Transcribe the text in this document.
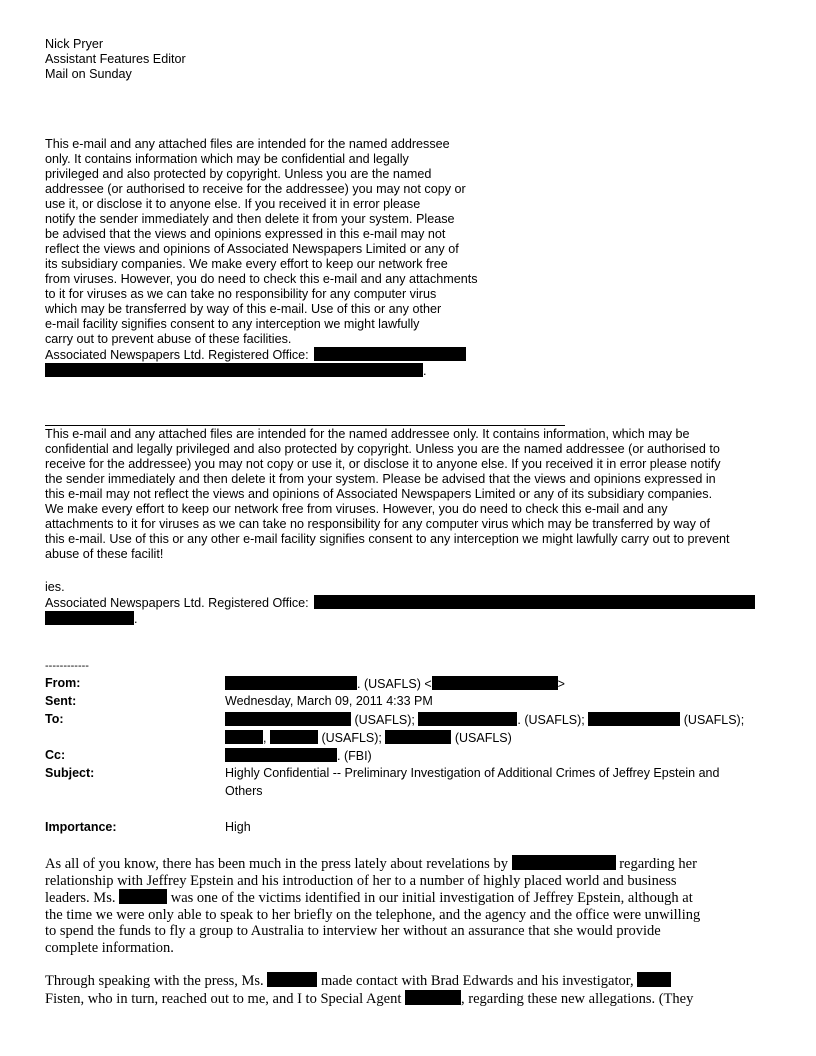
Nick Pryer
Assistant Features Editor
Mail on Sunday
This e-mail and any attached files are intended for the named addressee
only. It contains information which may be confidential and legally
privileged and also protected by copyright. Unless you are the named
addressee (or authorised to receive for the addressee) you may not copy or
use it, or disclose it to anyone else. If you received it in error please
notify the sender immediately and then delete it from your system. Please
be advised that the views and opinions expressed in this e-mail may not
reflect the views and opinions of Associated Newspapers Limited or any of
its subsidiary companies. We make every effort to keep our network free
from viruses. However, you do need to check this e-mail and any attachments
to it for viruses as we can take no responsibility for any computer virus
which may be transferred by way of this e-mail. Use of this or any other
e-mail facility signifies consent to any interception we might lawfully
carry out to prevent abuse of these facilities.
Associated Newspapers Ltd. Registered Office:
.
This e-mail and any attached files are intended for the named addressee only. It contains information, which may be
confidential and legally privileged and also protected by copyright. Unless you are the named addressee (or authorised to
receive for the addressee) you may not copy or use it, or disclose it to anyone else. If you received it in error please notify
the sender immediately and then delete it from your system. Please be advised that the views and opinions expressed in
this e-mail may not reflect the views and opinions of Associated Newspapers Limited or any of its subsidiary companies.
We make every effort to keep our network free from viruses. However, you do need to check this e-mail and any
attachments to it for viruses as we can take no responsibility for any computer virus which may be transferred by way of
this e-mail. Use of this or any other e-mail facility signifies consent to any interception we might lawfully carry out to prevent
abuse of these facilit!
ies.
Associated Newspapers Ltd. Registered Office:
.
------------
From:	. (USAFLS) <	>
Sent:	Wednesday, March 09, 2011 4:33 PM
To:	(USAFLS);	. (USAFLS);	(USAFLS);
,	(USAFLS);	(USAFLS)
Cc:	. (FBI)
Subject:	Highly Confidential -- Preliminary Investigation of Additional Crimes of Jeffrey Epstein and
Others
Importance:	High
As all of you know, there has been much in the press lately about revelations by	regarding her
relationship with Jeffrey Epstein and his introduction of her to a number of highly placed world and business
leaders. Ms.	was one of the victims identified in our initial investigation of Jeffrey Epstein, although at
the time we were only able to speak to her briefly on the telephone, and the agency and the office were unwilling
to spend the funds to fly a group to Australia to interview her without an assurance that she would provide
complete information.
Through speaking with the press, Ms.	made contact with Brad Edwards and his investigator,
Fisten, who in turn, reached out to me, and I to Special Agent	, regarding these new allegations. (They
